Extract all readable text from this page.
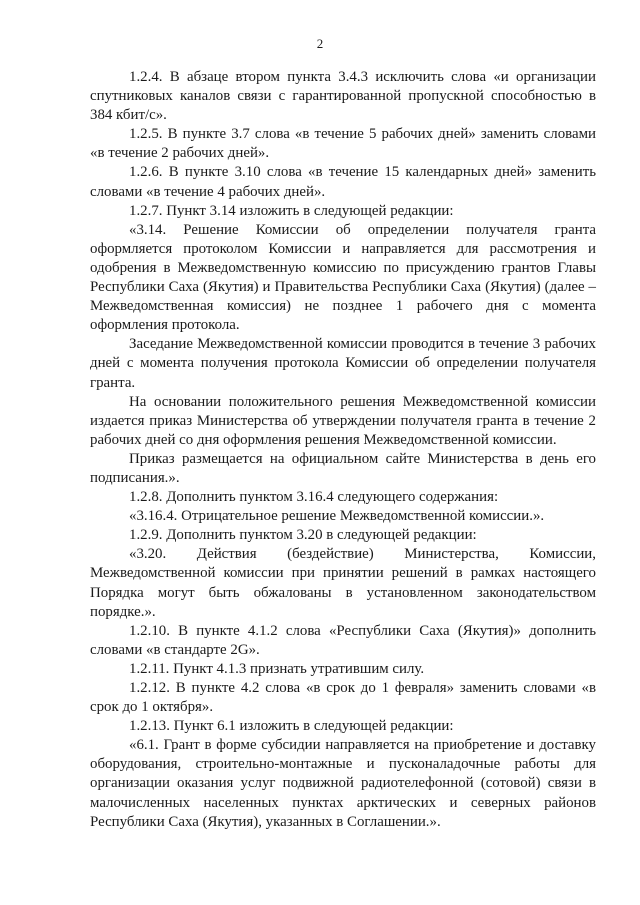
2

1.2.4. В абзаце втором пункта 3.4.3 исключить слова «и организации спутниковых каналов связи с гарантированной пропускной способностью в 384 кбит/с».

1.2.5. В пункте 3.7 слова «в течение 5 рабочих дней» заменить словами «в течение 2 рабочих дней».

1.2.6. В пункте 3.10 слова «в течение 15 календарных дней» заменить словами «в течение 4 рабочих дней».

1.2.7. Пункт 3.14 изложить в следующей редакции:

«3.14. Решение Комиссии об определении получателя гранта оформляется протоколом Комиссии и направляется для рассмотрения и одобрения в Межведомственную комиссию по присуждению грантов Главы Республики Саха (Якутия) и Правительства Республики Саха (Якутия) (далее – Межведомственная комиссия) не позднее 1 рабочего дня с момента оформления протокола.

Заседание Межведомственной комиссии проводится в течение 3 рабочих дней с момента получения протокола Комиссии об определении получателя гранта.

На основании положительного решения Межведомственной комиссии издается приказ Министерства об утверждении получателя гранта в течение 2 рабочих дней со дня оформления решения Межведомственной комиссии.

Приказ размещается на официальном сайте Министерства в день его подписания.».

1.2.8. Дополнить пунктом 3.16.4 следующего содержания:

«3.16.4. Отрицательное решение Межведомственной комиссии.».

1.2.9. Дополнить пунктом 3.20 в следующей редакции:

«3.20. Действия (бездействие) Министерства, Комиссии, Межведомственной комиссии при принятии решений в рамках настоящего Порядка могут быть обжалованы в установленном законодательством порядке.».

1.2.10. В пункте 4.1.2 слова «Республики Саха (Якутия)» дополнить словами «в стандарте 2G».

1.2.11. Пункт 4.1.3 признать утратившим силу.

1.2.12. В пункте 4.2 слова «в срок до 1 февраля» заменить словами «в срок до 1 октября».

1.2.13. Пункт 6.1 изложить в следующей редакции:

«6.1. Грант в форме субсидии направляется на приобретение и доставку оборудования, строительно-монтажные и пусконаладочные работы для организации оказания услуг подвижной радиотелефонной (сотовой) связи в малочисленных населенных пунктах арктических и северных районов Республики Саха (Якутия), указанных в Соглашении.».
